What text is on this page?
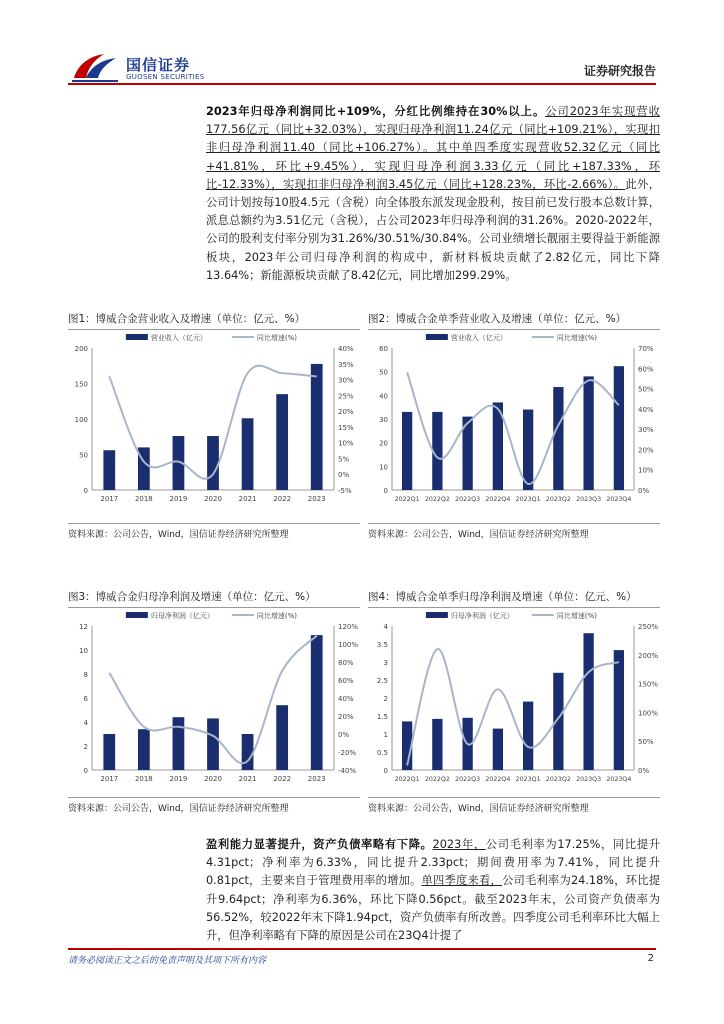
国信证券
GUOSEN SECURITIES	证券研究报告
2023年归母净利润同比+109%，分红比例维持在30%以上。公司2023年实现营收177.56亿元（同比+32.03%），实现归母净利润11.24亿元（同比+109.21%），实现扣非归母净利润11.40（同比+106.27%）。其中单四季度实现营收52.32亿元（同比+41.81%，环比+9.45%），实现归母净利润3.33亿元（同比+187.33%，环比-12.33%），实现扣非归母净利润3.45亿元（同比+128.23%，环比-2.66%）。此外，公司计划按每10股4.5元（含税）向全体股东派发现金股利，按目前已发行股本总数计算，派息总额约为3.51亿元（含税），占公司2023年归母净利润的31.26%。2020-2022年，公司的股利支付率分别为31.26%/30.51%/30.84%。公司业绩增长靓丽主要得益于新能源板块，2023年公司归母净利润的构成中，新材料板块贡献了2.82亿元，同比下降13.64%；新能源板块贡献了8.42亿元，同比增加299.29%。
图1：博威合金营业收入及增速（单位：亿元、%）
0
50
100
150
200
-5%
0%
5%
10%
15%
20%
25%
30%
35%
40%
2017 2018 2019 2020 2021 2022 2023
营业收入（亿元）	同比增速(%)
资料来源：公司公告，Wind，国信证券经济研究所整理
图2：博威合金单季营业收入及增速（单位：亿元、%）
0
10
20
30
40
50
60
0%
10%
20%
30%
40%
50%
60%
70%
2022Q1 2022Q2 2022Q3 2022Q4 2023Q1 2023Q2 2023Q3 2023Q4
营业收入（亿元）	同比增速(%)
资料来源：公司公告，Wind，国信证券经济研究所整理
图3：博威合金归母净利润及增速（单位：亿元、%）
0
2
4
6
8
10
12
-40%
-20%
0%
20%
40%
60%
80%
100%
120%
2017 2018 2019 2020 2021 2022 2023
归母净利润（亿元）	同比增速(%)
资料来源：公司公告，Wind，国信证券经济研究所整理
图4：博威合金单季归母净利润及增速（单位：亿元、%）
0
0.5
1
1.5
2
2.5
3
3.5
4
0%
50%
100%
150%
200%
250%
2022Q1 2022Q2 2022Q3 2022Q4 2023Q1 2023Q2 2023Q3 2023Q4
归母净利润（亿元）	同比增速(%)
资料来源：公司公告，Wind，国信证券经济研究所整理
盈利能力显著提升，资产负债率略有下降。2023年，公司毛利率为17.25%，同比提升4.31pct；净利率为6.33%，同比提升2.33pct；期间费用率为7.41%，同比提升0.81pct，主要来自于管理费用率的增加。单四季度来看，公司毛利率为24.18%，环比提升9.64pct；净利率为6.36%，环比下降0.56pct。截至2023年末，公司资产负债率为56.52%，较2022年末下降1.94pct，资产负债率有所改善。四季度公司毛利率环比大幅上升，但净利率略有下降的原因是公司在23Q4计提了
请务必阅读正文之后的免责声明及其项下所有内容	2
